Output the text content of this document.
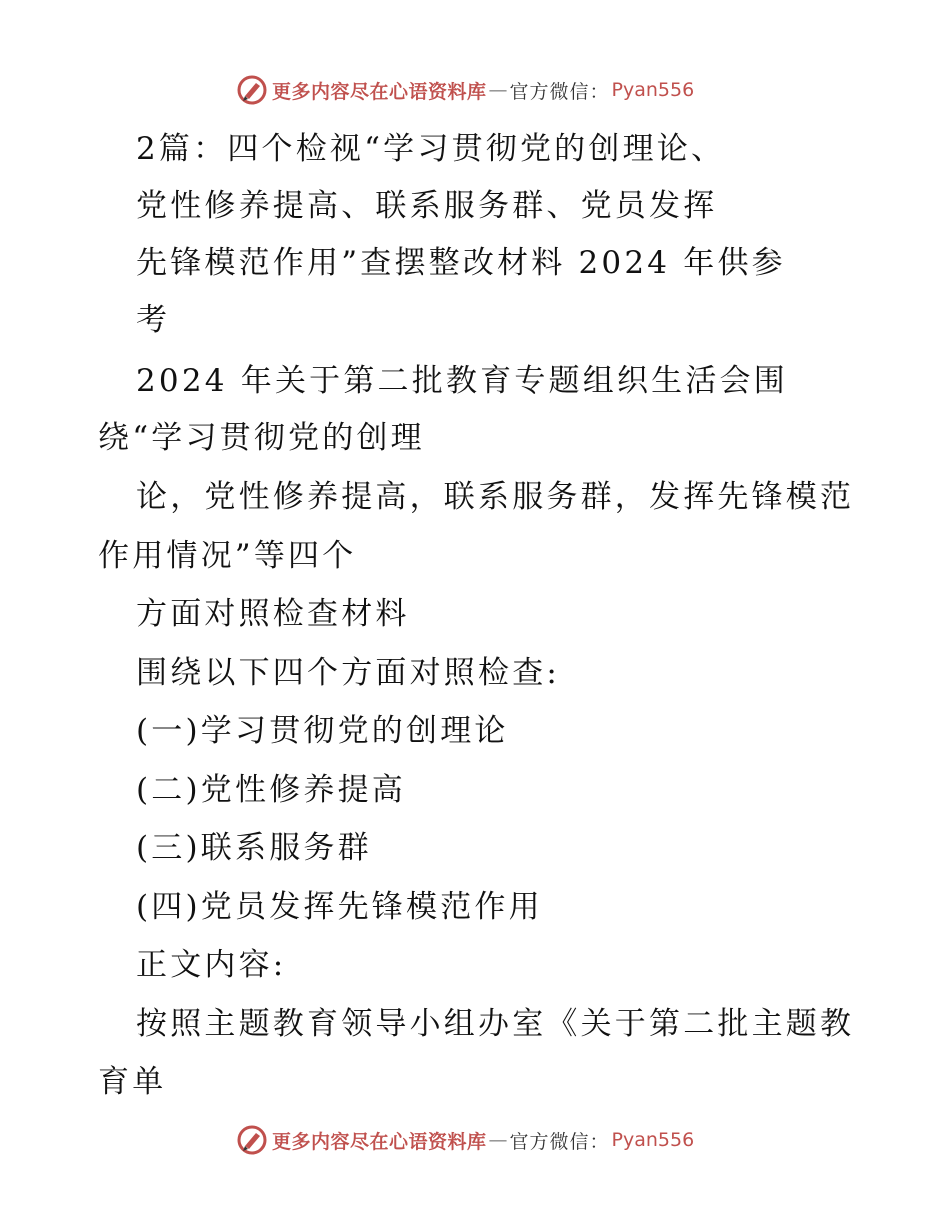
更多内容尽在心语资料库 — 官方微信： Pyan556
2篇：四个检视“学习贯彻党的创理论、
党性修养提高、联系服务群、党员发挥
先锋模范作用”查摆整改材料 2024 年供参
考
2024 年关于第二批教育专题组织生活会围
绕“学习贯彻党的创理
论，党性修养提高，联系服务群，发挥先锋模范
作用情况”等四个
方面对照检查材料
围绕以下四个方面对照检查:
(一)学习贯彻党的创理论
(二)党性修养提高
(三)联系服务群
(四)党员发挥先锋模范作用
正文内容:
按照主题教育领导小组办室《关于第二批主题教
育单
更多内容尽在心语资料库 — 官方微信： Pyan556
